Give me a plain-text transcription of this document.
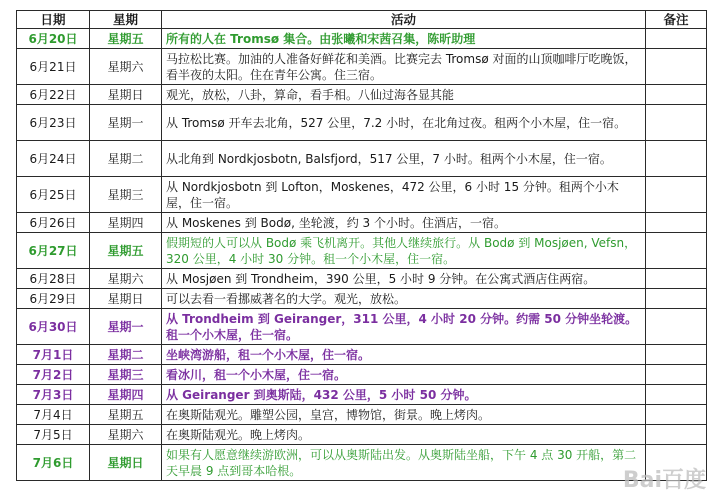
日期	星期	活动	备注
6月20日	星期五	所有的人在 Tromsø 集合。由张曦和宋茜召集，陈昕助理	
6月21日	星期六	马拉松比赛。加油的人准备好鲜花和美酒。比赛完去 Tromsø 对面的山顶咖啡厅吃晚饭，看半夜的太阳。住在青年公寓。住三宿。	
6月22日	星期日	观光，放松，八卦，算命，看手相。八仙过海各显其能	
6月23日	星期一	从 Tromsø 开车去北角，527 公里，7.2 小时，在北角过夜。租两个小木屋，住一宿。	
6月24日	星期二	从北角到 Nordkjosbotn, Balsfjord，517 公里，7 小时。租两个小木屋，住一宿。	
6月25日	星期三	从 Nordkjosbotn 到 Lofton，Moskenes，472 公里，6 小时 15 分钟。租两个小木屋，住一宿。	
6月26日	星期四	从 Moskenes 到 Bodø, 坐轮渡，约 3 个小时。住酒店，一宿。	
6月27日	星期五	假期短的人可以从 Bodø 乘飞机离开。其他人继续旅行。从 Bodø 到 Mosjøen, Vefsn，320 公里，4 小时 30 分钟。租一个小木屋，住一宿。	
6月28日	星期六	从 Mosjøen 到 Trondheim，390 公里，5 小时 9 分钟。在公寓式酒店住两宿。	
6月29日	星期日	可以去看一看挪威著名的大学。观光，放松。	
6月30日	星期一	从 Trondheim 到 Geiranger，311 公里，4 小时 20 分钟。约需 50 分钟坐轮渡。租一个小木屋，住一宿。	
7月1日	星期二	坐峡湾游船，租一个小木屋，住一宿。	
7月2日	星期三	看冰川，租一个小木屋，住一宿。	
7月3日	星期四	从 Geiranger 到奥斯陆，432 公里，5 小时 50 分钟。	
7月4日	星期五	在奥斯陆观光。雕塑公园，皇宫，博物馆，街景。晚上烤肉。	
7月5日	星期六	在奥斯陆观光。晚上烤肉。	
7月6日	星期日	如果有人愿意继续游欧洲，可以从奥斯陆出发。从奥斯陆坐船，下午 4 点 30 开船，第二天早晨 9 点到哥本哈根。		Bai百度
